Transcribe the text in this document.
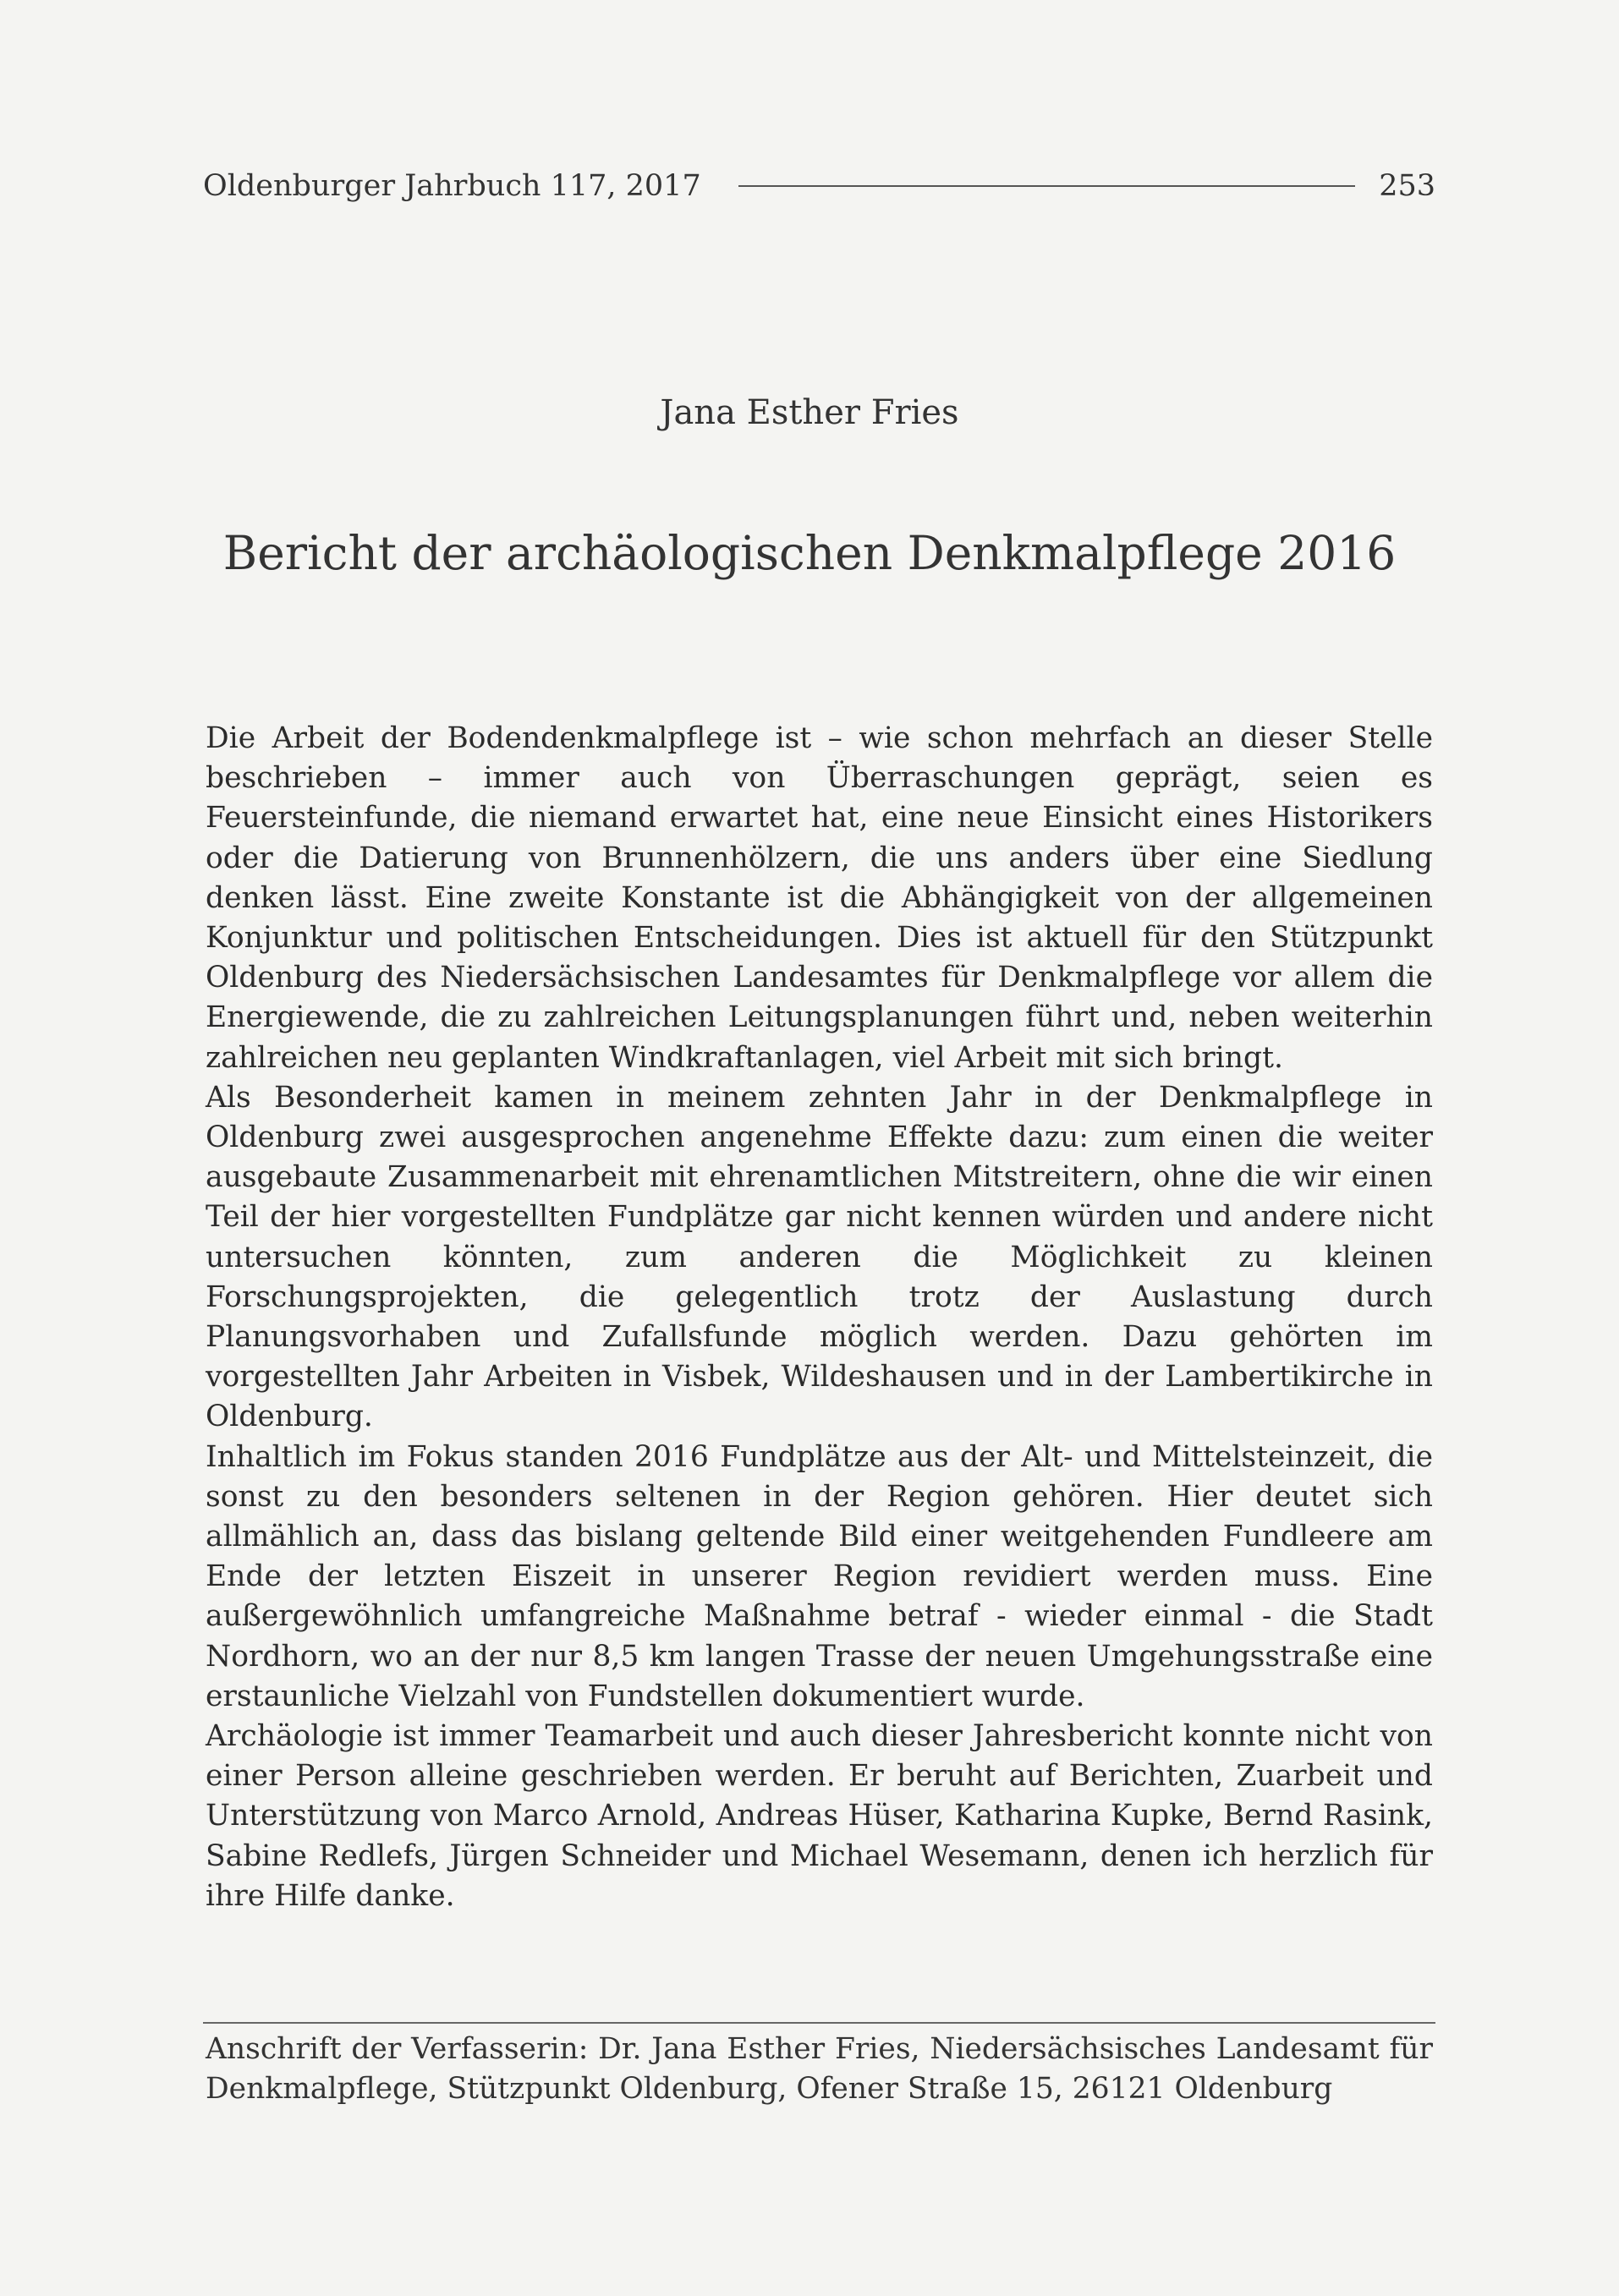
Oldenburger Jahrbuch 117, 2017	253
Jana Esther Fries
Bericht der archäologischen Denkmalpflege 2016

Die Arbeit der Bodendenkmalpflege ist – wie schon mehrfach an dieser Stelle beschrieben – immer auch von Überraschungen geprägt, seien es Feuersteinfunde, die niemand erwartet hat, eine neue Einsicht eines Historikers oder die Datierung von Brunnenhölzern, die uns anders über eine Siedlung denken lässt. Eine zweite Konstante ist die Abhängigkeit von der allgemeinen Konjunktur und politischen Entscheidungen. Dies ist aktuell für den Stützpunkt Oldenburg des Niedersächsischen Landesamtes für Denkmalpflege vor allem die Energiewende, die zu zahlreichen Leitungsplanungen führt und, neben weiterhin zahlreichen neu geplanten Windkraftanlagen, viel Arbeit mit sich bringt.

Als Besonderheit kamen in meinem zehnten Jahr in der Denkmalpflege in Oldenburg zwei ausgesprochen angenehme Effekte dazu: zum einen die weiter ausgebaute Zusammenarbeit mit ehrenamtlichen Mitstreitern, ohne die wir einen Teil der hier vorgestellten Fundplätze gar nicht kennen würden und andere nicht untersuchen könnten, zum anderen die Möglichkeit zu kleinen Forschungsprojekten, die gelegentlich trotz der Auslastung durch Planungsvorhaben und Zufallsfunde möglich werden. Dazu gehörten im vorgestellten Jahr Arbeiten in Visbek, Wildeshausen und in der Lambertikirche in Oldenburg.

Inhaltlich im Fokus standen 2016 Fundplätze aus der Alt- und Mittelsteinzeit, die sonst zu den besonders seltenen in der Region gehören. Hier deutet sich allmählich an, dass das bislang geltende Bild einer weitgehenden Fundleere am Ende der letzten Eiszeit in unserer Region revidiert werden muss. Eine außergewöhnlich umfangreiche Maßnahme betraf - wieder einmal - die Stadt Nordhorn, wo an der nur 8,5 km langen Trasse der neuen Umgehungsstraße eine erstaunliche Vielzahl von Fundstellen dokumentiert wurde.

Archäologie ist immer Teamarbeit und auch dieser Jahresbericht konnte nicht von einer Person alleine geschrieben werden. Er beruht auf Berichten, Zuarbeit und Unterstützung von Marco Arnold, Andreas Hüser, Katharina Kupke, Bernd Rasink, Sabine Redlefs, Jürgen Schneider und Michael Wesemann, denen ich herzlich für ihre Hilfe danke.

Anschrift der Verfasserin: Dr. Jana Esther Fries, Niedersächsisches Landesamt für Denkmalpflege, Stützpunkt Oldenburg, Ofener Straße 15, 26121 Oldenburg
